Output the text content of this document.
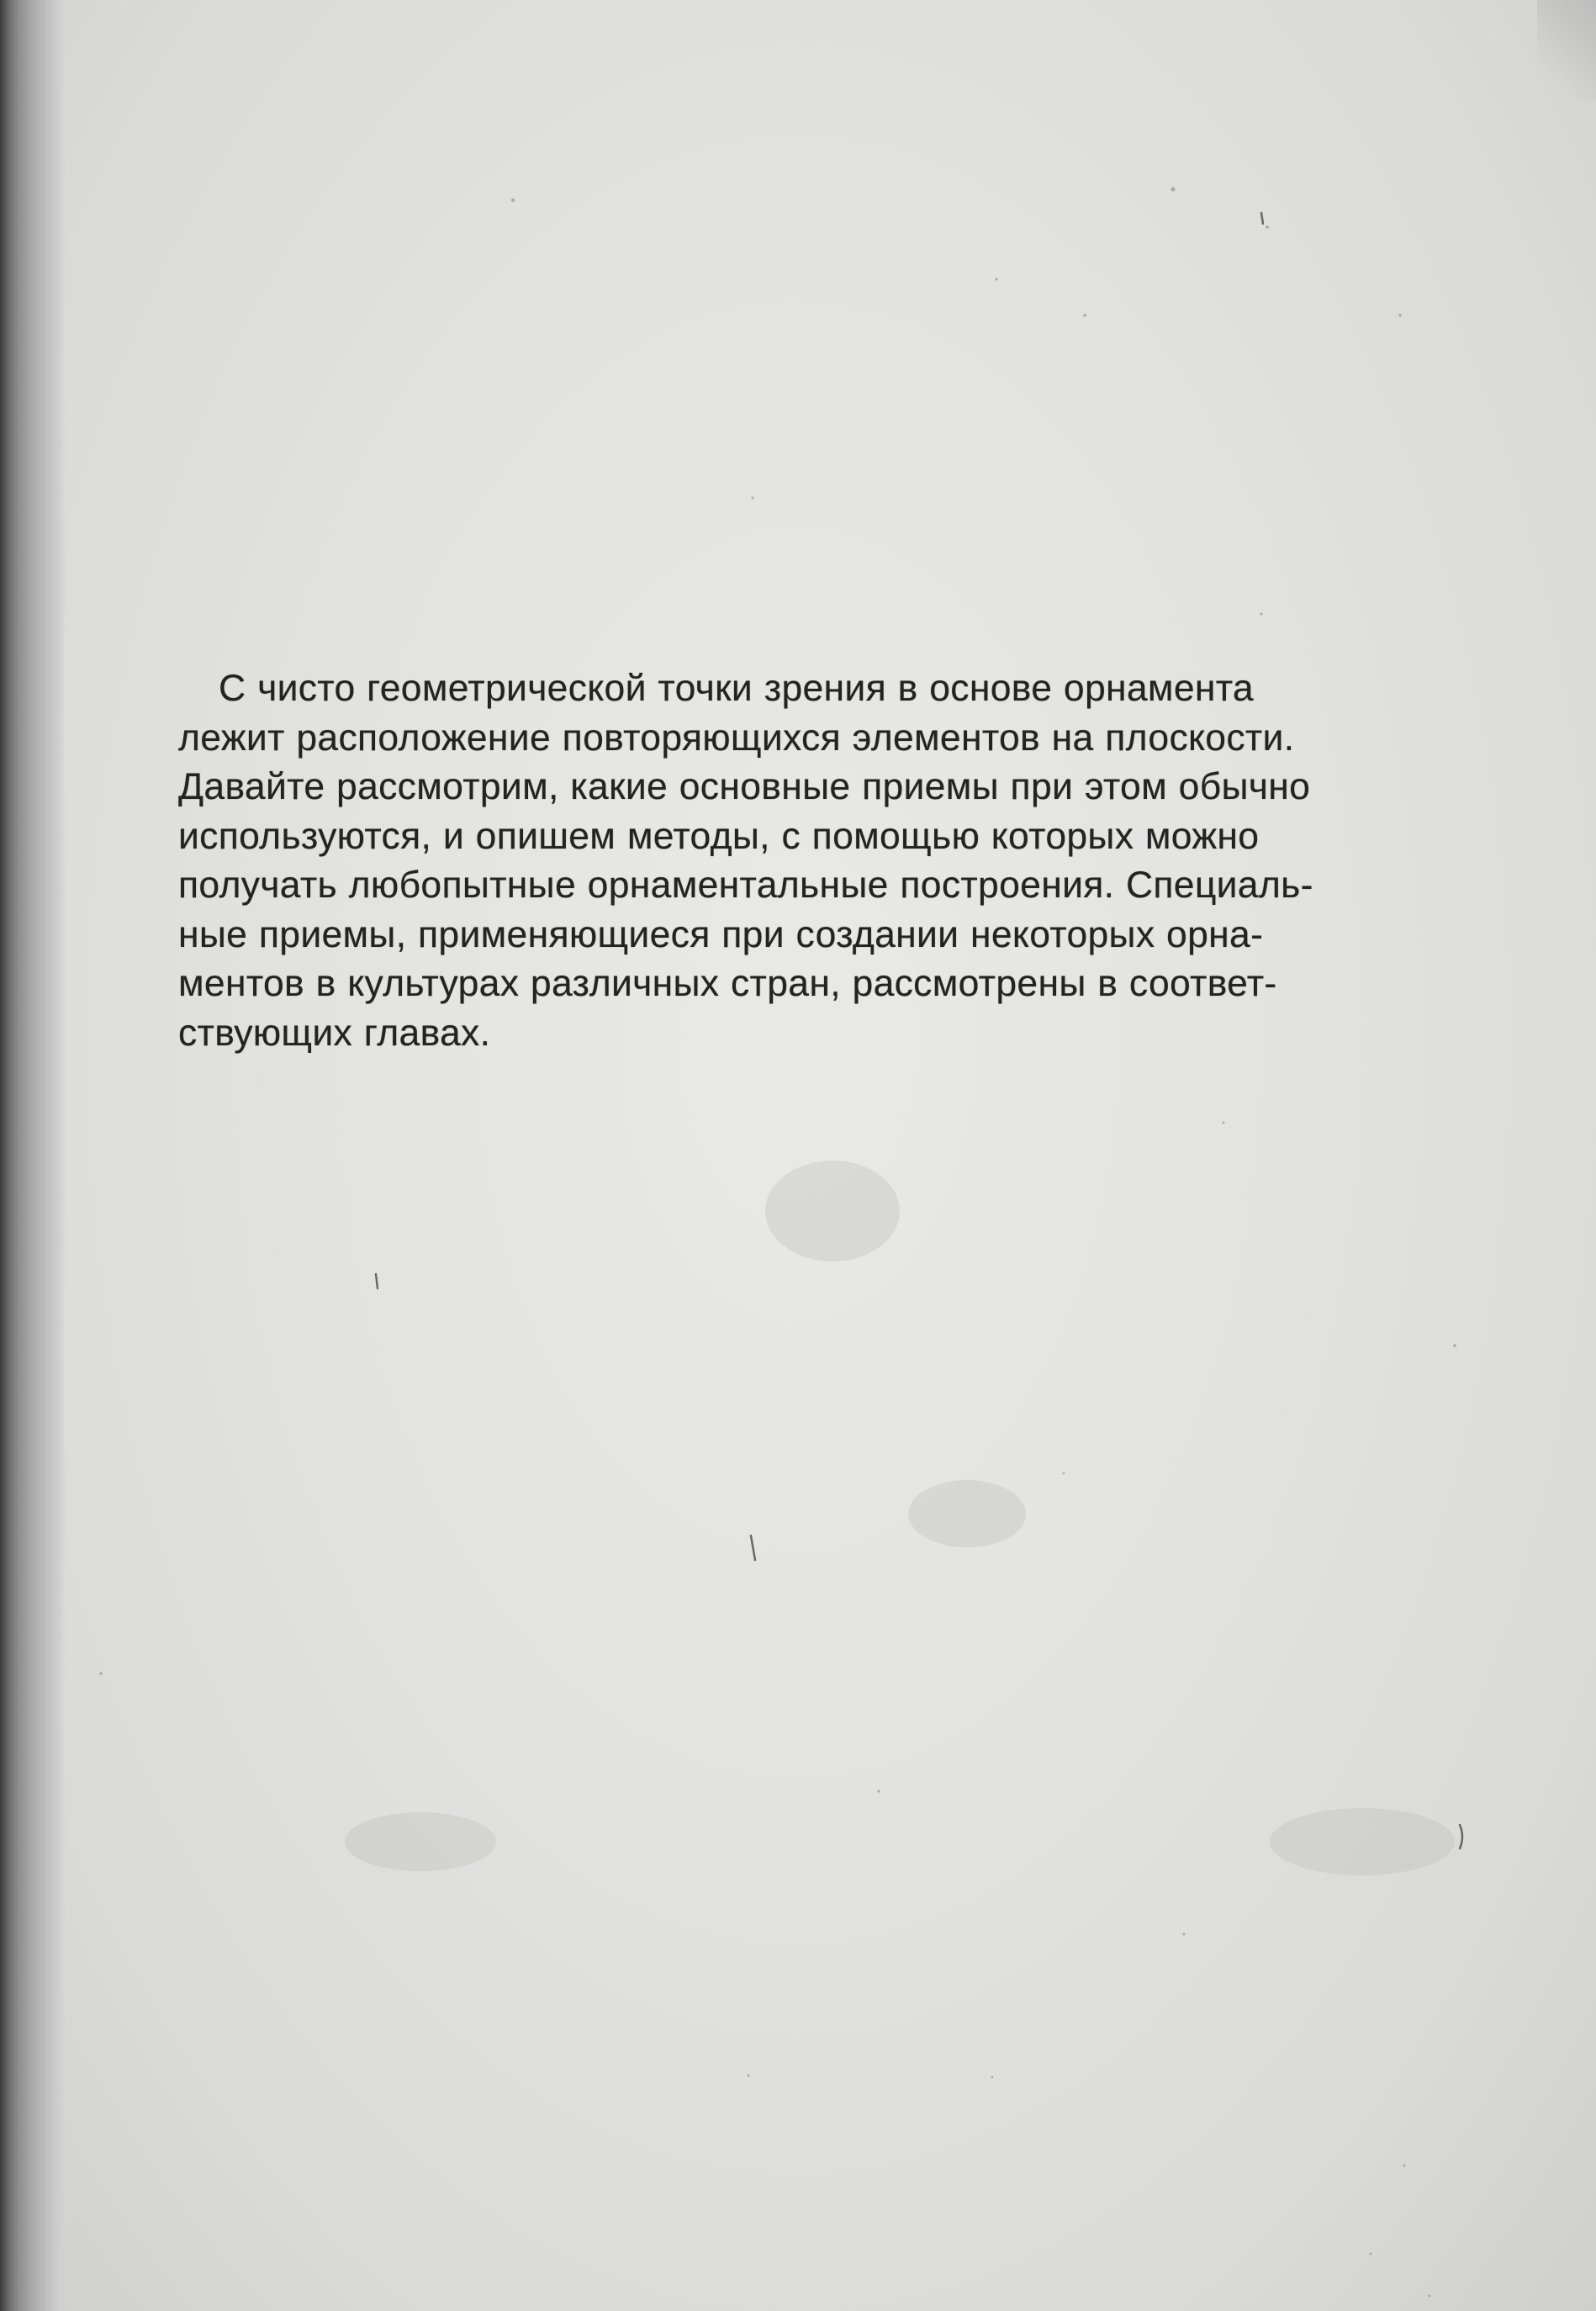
С чисто геометрической точки зрения в основе орнамента
лежит расположение повторяющихся элементов на плоскости.
Давайте рассмотрим, какие основные приемы при этом обычно
используются, и опишем методы, с помощью которых можно
получать любопытные орнаментальные построения. Специаль-
ные приемы, применяющиеся при создании некоторых орна-
ментов в культурах различных стран, рассмотрены в соответ-
ствующих главах.
